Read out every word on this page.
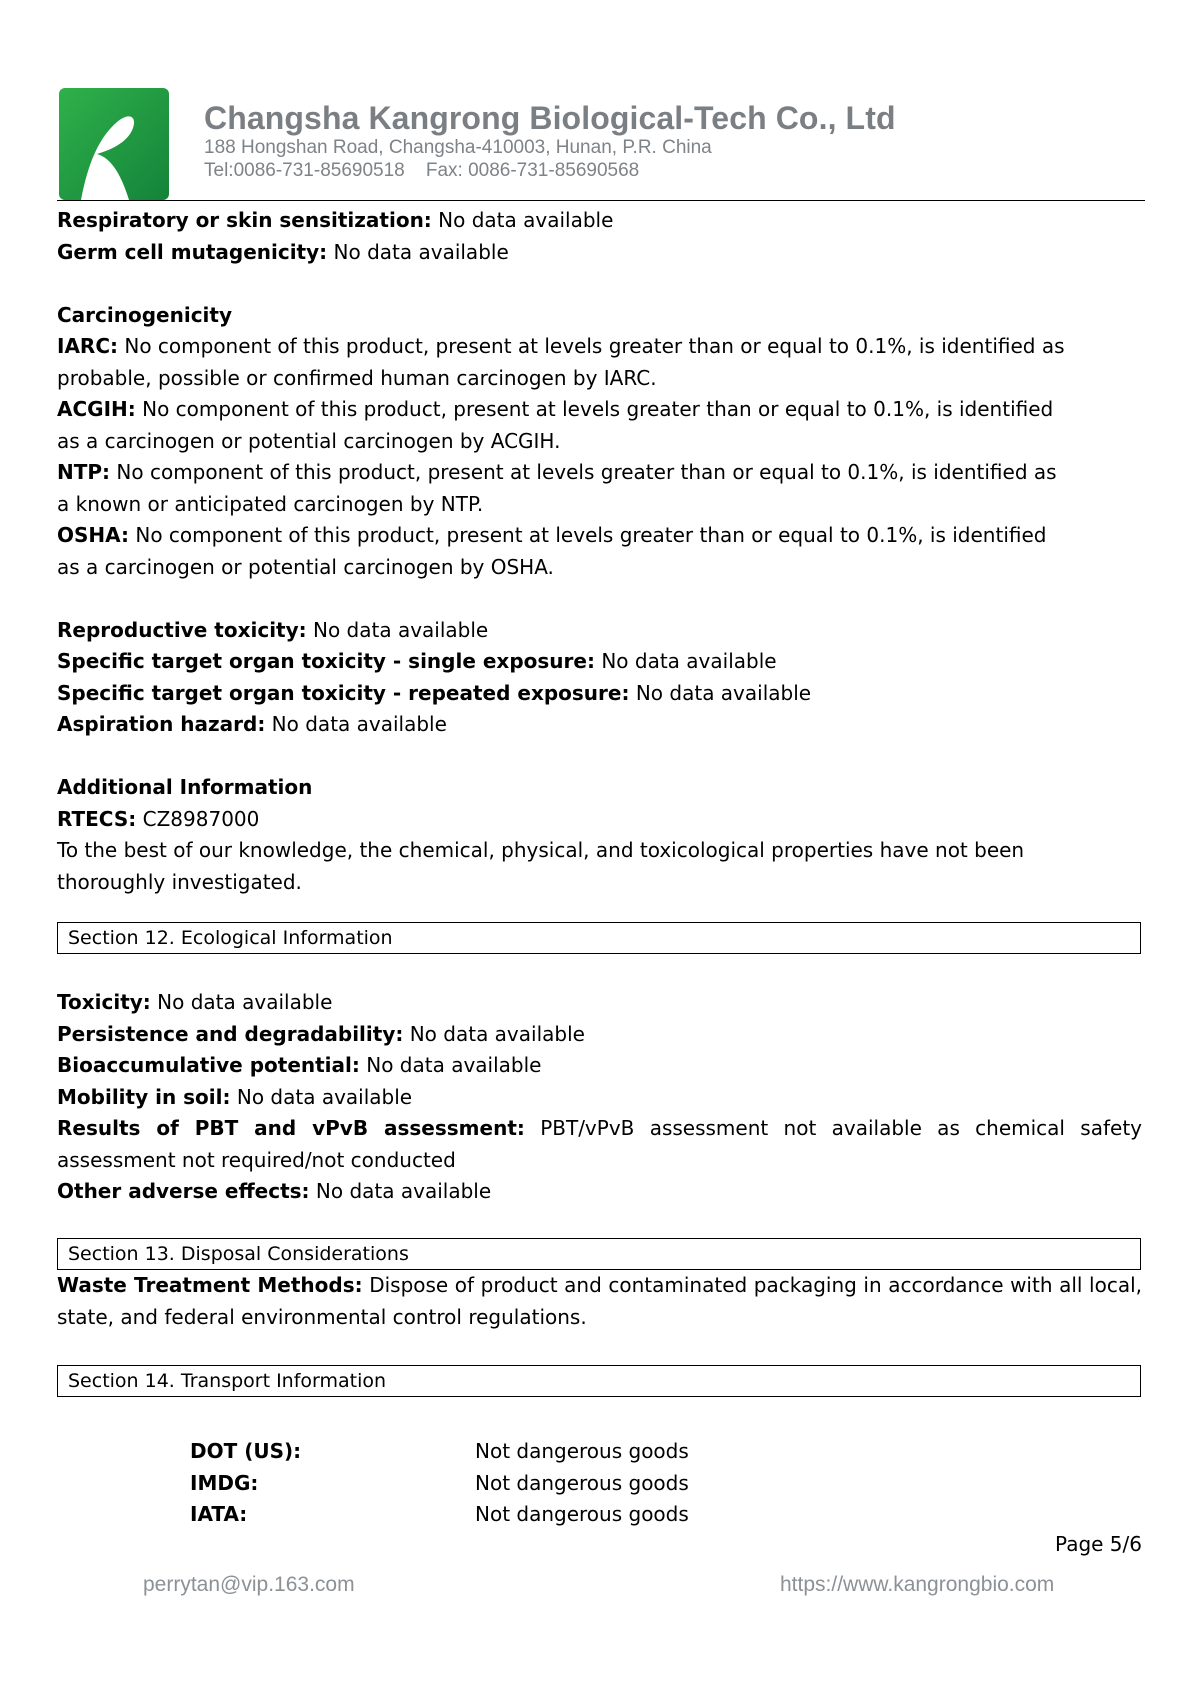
Changsha Kangrong Biological-Tech Co., Ltd
188 Hongshan Road, Changsha-410003, Hunan, P.R. China
Tel:0086-731-85690518    Fax: 0086-731-85690568
Respiratory or skin sensitization: No data available
Germ cell mutagenicity: No data available
Carcinogenicity
IARC: No component of this product, present at levels greater than or equal to 0.1%, is identified as
probable, possible or confirmed human carcinogen by IARC.
ACGIH: No component of this product, present at levels greater than or equal to 0.1%, is identified
as a carcinogen or potential carcinogen by ACGIH.
NTP: No component of this product, present at levels greater than or equal to 0.1%, is identified as
a known or anticipated carcinogen by NTP.
OSHA: No component of this product, present at levels greater than or equal to 0.1%, is identified
as a carcinogen or potential carcinogen by OSHA.
Reproductive toxicity: No data available
Specific target organ toxicity - single exposure: No data available
Specific target organ toxicity - repeated exposure: No data available
Aspiration hazard: No data available
Additional Information
RTECS: CZ8987000
To the best of our knowledge, the chemical, physical, and toxicological properties have not been
thoroughly investigated.
Section 12. Ecological Information
Toxicity: No data available
Persistence and degradability: No data available
Bioaccumulative potential: No data available
Mobility in soil: No data available
Results of PBT and vPvB assessment: PBT/vPvB assessment not available as chemical safety assessment not required/not conducted
Other adverse effects: No data available
Section 13. Disposal Considerations
Waste Treatment Methods: Dispose of product and contaminated packaging in accordance with all local, state, and federal environmental control regulations.
Section 14. Transport Information
DOT (US):	Not dangerous goods
IMDG:	Not dangerous goods
IATA:	Not dangerous goods
Page 5/6
perrytan@vip.163.com	https://www.kangrongbio.com
